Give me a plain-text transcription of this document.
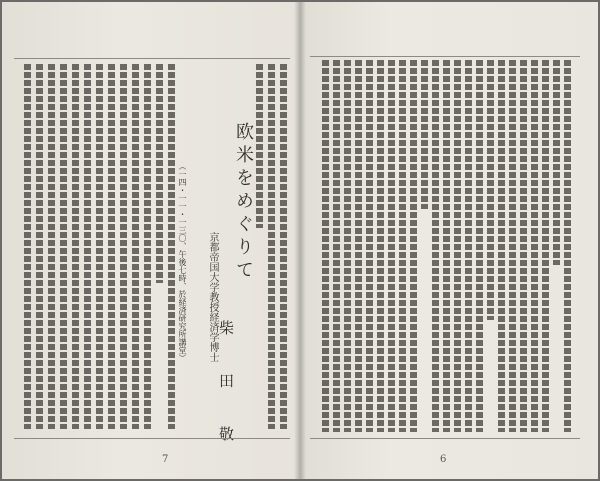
（一四・一一・一三〇、午後七時、於経済研究所講堂） 京都帝国大学教授経済学博士
柴 田 敬
欧米をめぐりて
7	6
